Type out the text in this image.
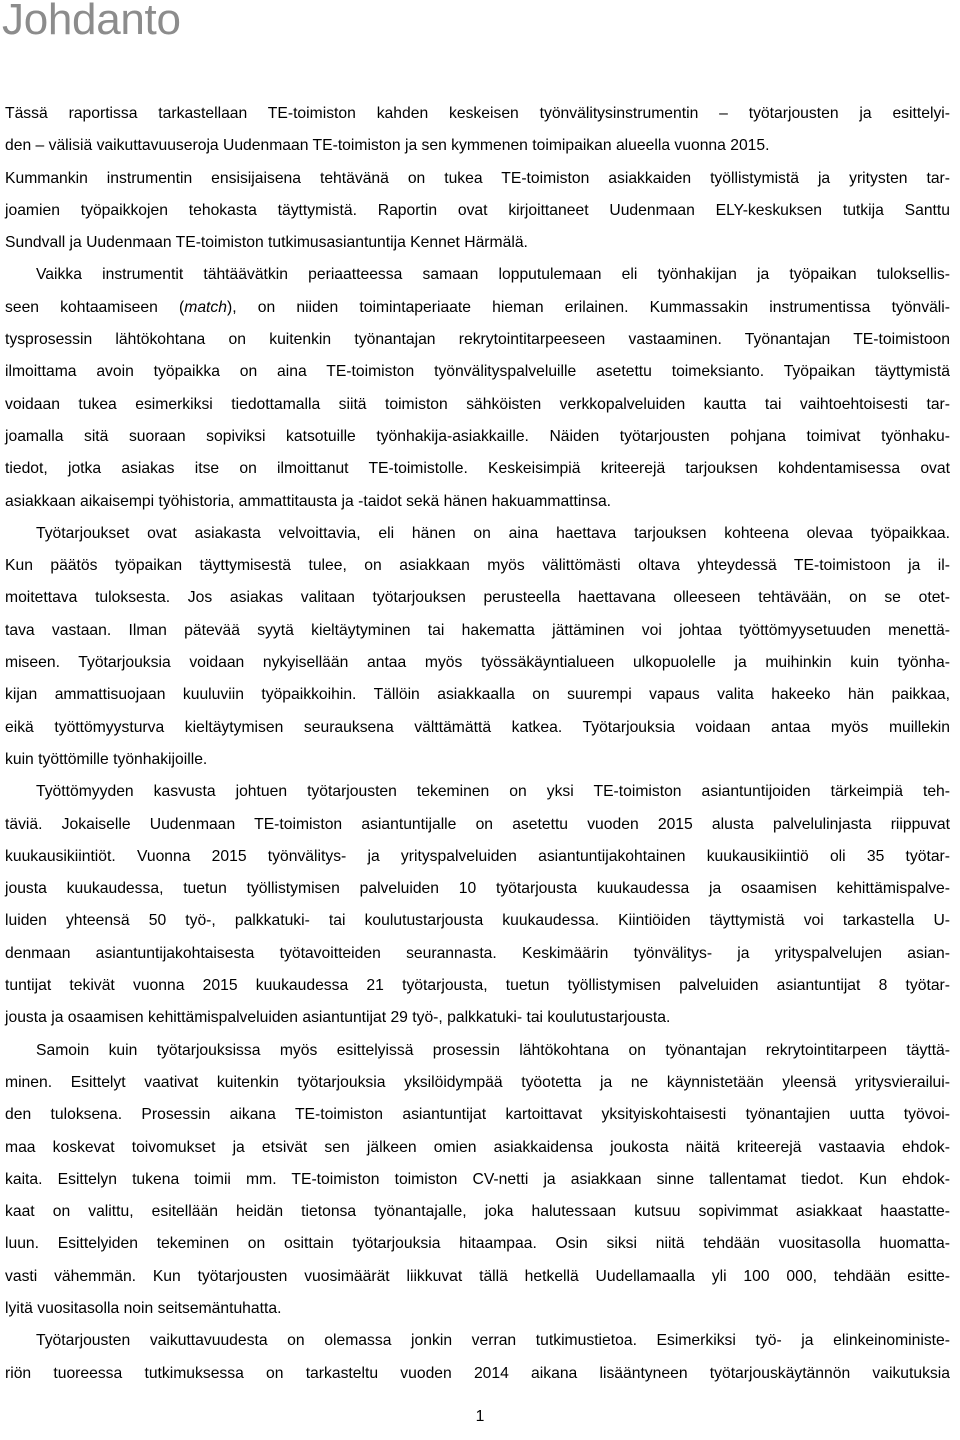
Johdanto
Tässä raportissa tarkastellaan TE-toimiston kahden keskeisen työnvälitysinstrumentin – työtarjousten ja esittelyi-
den – välisiä vaikuttavuuseroja Uudenmaan TE-toimiston ja sen kymmenen toimipaikan alueella vuonna 2015.
Kummankin instrumentin ensisijaisena tehtävänä on tukea TE-toimiston asiakkaiden työllistymistä ja yritysten tar-
joamien työpaikkojen tehokasta täyttymistä. Raportin ovat kirjoittaneet Uudenmaan ELY-keskuksen tutkija Santtu
Sundvall ja Uudenmaan TE-toimiston tutkimusasiantuntija Kennet Härmälä.
Vaikka instrumentit tähtäävätkin periaatteessa samaan lopputulemaan eli työnhakijan ja työpaikan tuloksellis-
seen kohtaamiseen (match), on niiden toimintaperiaate hieman erilainen. Kummassakin instrumentissa työnväli-
tysprosessin lähtökohtana on kuitenkin työnantajan rekrytointitarpeeseen vastaaminen. Työnantajan TE-toimistoon
ilmoittama avoin työpaikka on aina TE-toimiston työnvälityspalveluille asetettu toimeksianto. Työpaikan täyttymistä
voidaan tukea esimerkiksi tiedottamalla siitä toimiston sähköisten verkkopalveluiden kautta tai vaihtoehtoisesti tar-
joamalla sitä suoraan sopiviksi katsotuille työnhakija-asiakkaille. Näiden työtarjousten pohjana toimivat työnhaku-
tiedot, jotka asiakas itse on ilmoittanut TE-toimistolle. Keskeisimpiä kriteerejä tarjouksen kohdentamisessa ovat
asiakkaan aikaisempi työhistoria, ammattitausta ja -taidot sekä hänen hakuammattinsa.
Työtarjoukset ovat asiakasta velvoittavia, eli hänen on aina haettava tarjouksen kohteena olevaa työpaikkaa.
Kun päätös työpaikan täyttymisestä tulee, on asiakkaan myös välittömästi oltava yhteydessä TE-toimistoon ja il-
moitettava tuloksesta. Jos asiakas valitaan työtarjouksen perusteella haettavana olleeseen tehtävään, on se otet-
tava vastaan. Ilman pätevää syytä kieltäytyminen tai hakematta jättäminen voi johtaa työttömyysetuuden menettä-
miseen. Työtarjouksia voidaan nykyisellään antaa myös työssäkäyntialueen ulkopuolelle ja muihinkin kuin työnha-
kijan ammattisuojaan kuuluviin työpaikkoihin. Tällöin asiakkaalla on suurempi vapaus valita hakeeko hän paikkaa,
eikä työttömyysturva kieltäytymisen seurauksena välttämättä katkea. Työtarjouksia voidaan antaa myös muillekin
kuin työttömille työnhakijoille.
Työttömyyden kasvusta johtuen työtarjousten tekeminen on yksi TE-toimiston asiantuntijoiden tärkeimpiä teh-
täviä. Jokaiselle Uudenmaan TE-toimiston asiantuntijalle on asetettu vuoden 2015 alusta palvelulinjasta riippuvat
kuukausikiintiöt. Vuonna 2015 työnvälitys- ja yrityspalveluiden asiantuntijakohtainen kuukausikiintiö oli 35 työtar-
jousta kuukaudessa, tuetun työllistymisen palveluiden 10 työtarjousta kuukaudessa ja osaamisen kehittämispalve-
luiden yhteensä 50 työ-, palkkatuki- tai koulutustarjousta kuukaudessa. Kiintiöiden täyttymistä voi tarkastella U-
denmaan asiantuntijakohtaisesta työtavoitteiden seurannasta. Keskimäärin työnvälitys- ja yrityspalvelujen asian-
tuntijat tekivät vuonna 2015 kuukaudessa 21 työtarjousta, tuetun työllistymisen palveluiden asiantuntijat 8 työtar-
jousta ja osaamisen kehittämispalveluiden asiantuntijat 29 työ-, palkkatuki- tai koulutustarjousta.
Samoin kuin työtarjouksissa myös esittelyissä prosessin lähtökohtana on työnantajan rekrytointitarpeen täyttä-
minen. Esittelyt vaativat kuitenkin työtarjouksia yksilöidympää työotetta ja ne käynnistetään yleensä yritysvierailui-
den tuloksena. Prosessin aikana TE-toimiston asiantuntijat kartoittavat yksityiskohtaisesti työnantajien uutta työvoi-
maa koskevat toivomukset ja etsivät sen jälkeen omien asiakkaidensa joukosta näitä kriteerejä vastaavia ehdok-
kaita. Esittelyn tukena toimii mm. TE-toimiston toimiston CV-netti ja asiakkaan sinne tallentamat tiedot. Kun ehdok-
kaat on valittu, esitellään heidän tietonsa työnantajalle, joka halutessaan kutsuu sopivimmat asiakkaat haastatte-
luun. Esittelyiden tekeminen on osittain työtarjouksia hitaampaa. Osin siksi niitä tehdään vuositasolla huomatta-
vasti vähemmän. Kun työtarjousten vuosimäärät liikkuvat tällä hetkellä Uudellamaalla yli 100 000, tehdään esitte-
lyitä vuositasolla noin seitsemäntuhatta.
Työtarjousten vaikuttavuudesta on olemassa jonkin verran tutkimustietoa. Esimerkiksi työ- ja elinkeinoministe-
riön tuoreessa tutkimuksessa on tarkasteltu vuoden 2014 aikana lisääntyneen työtarjouskäytännön vaikutuksia
1
